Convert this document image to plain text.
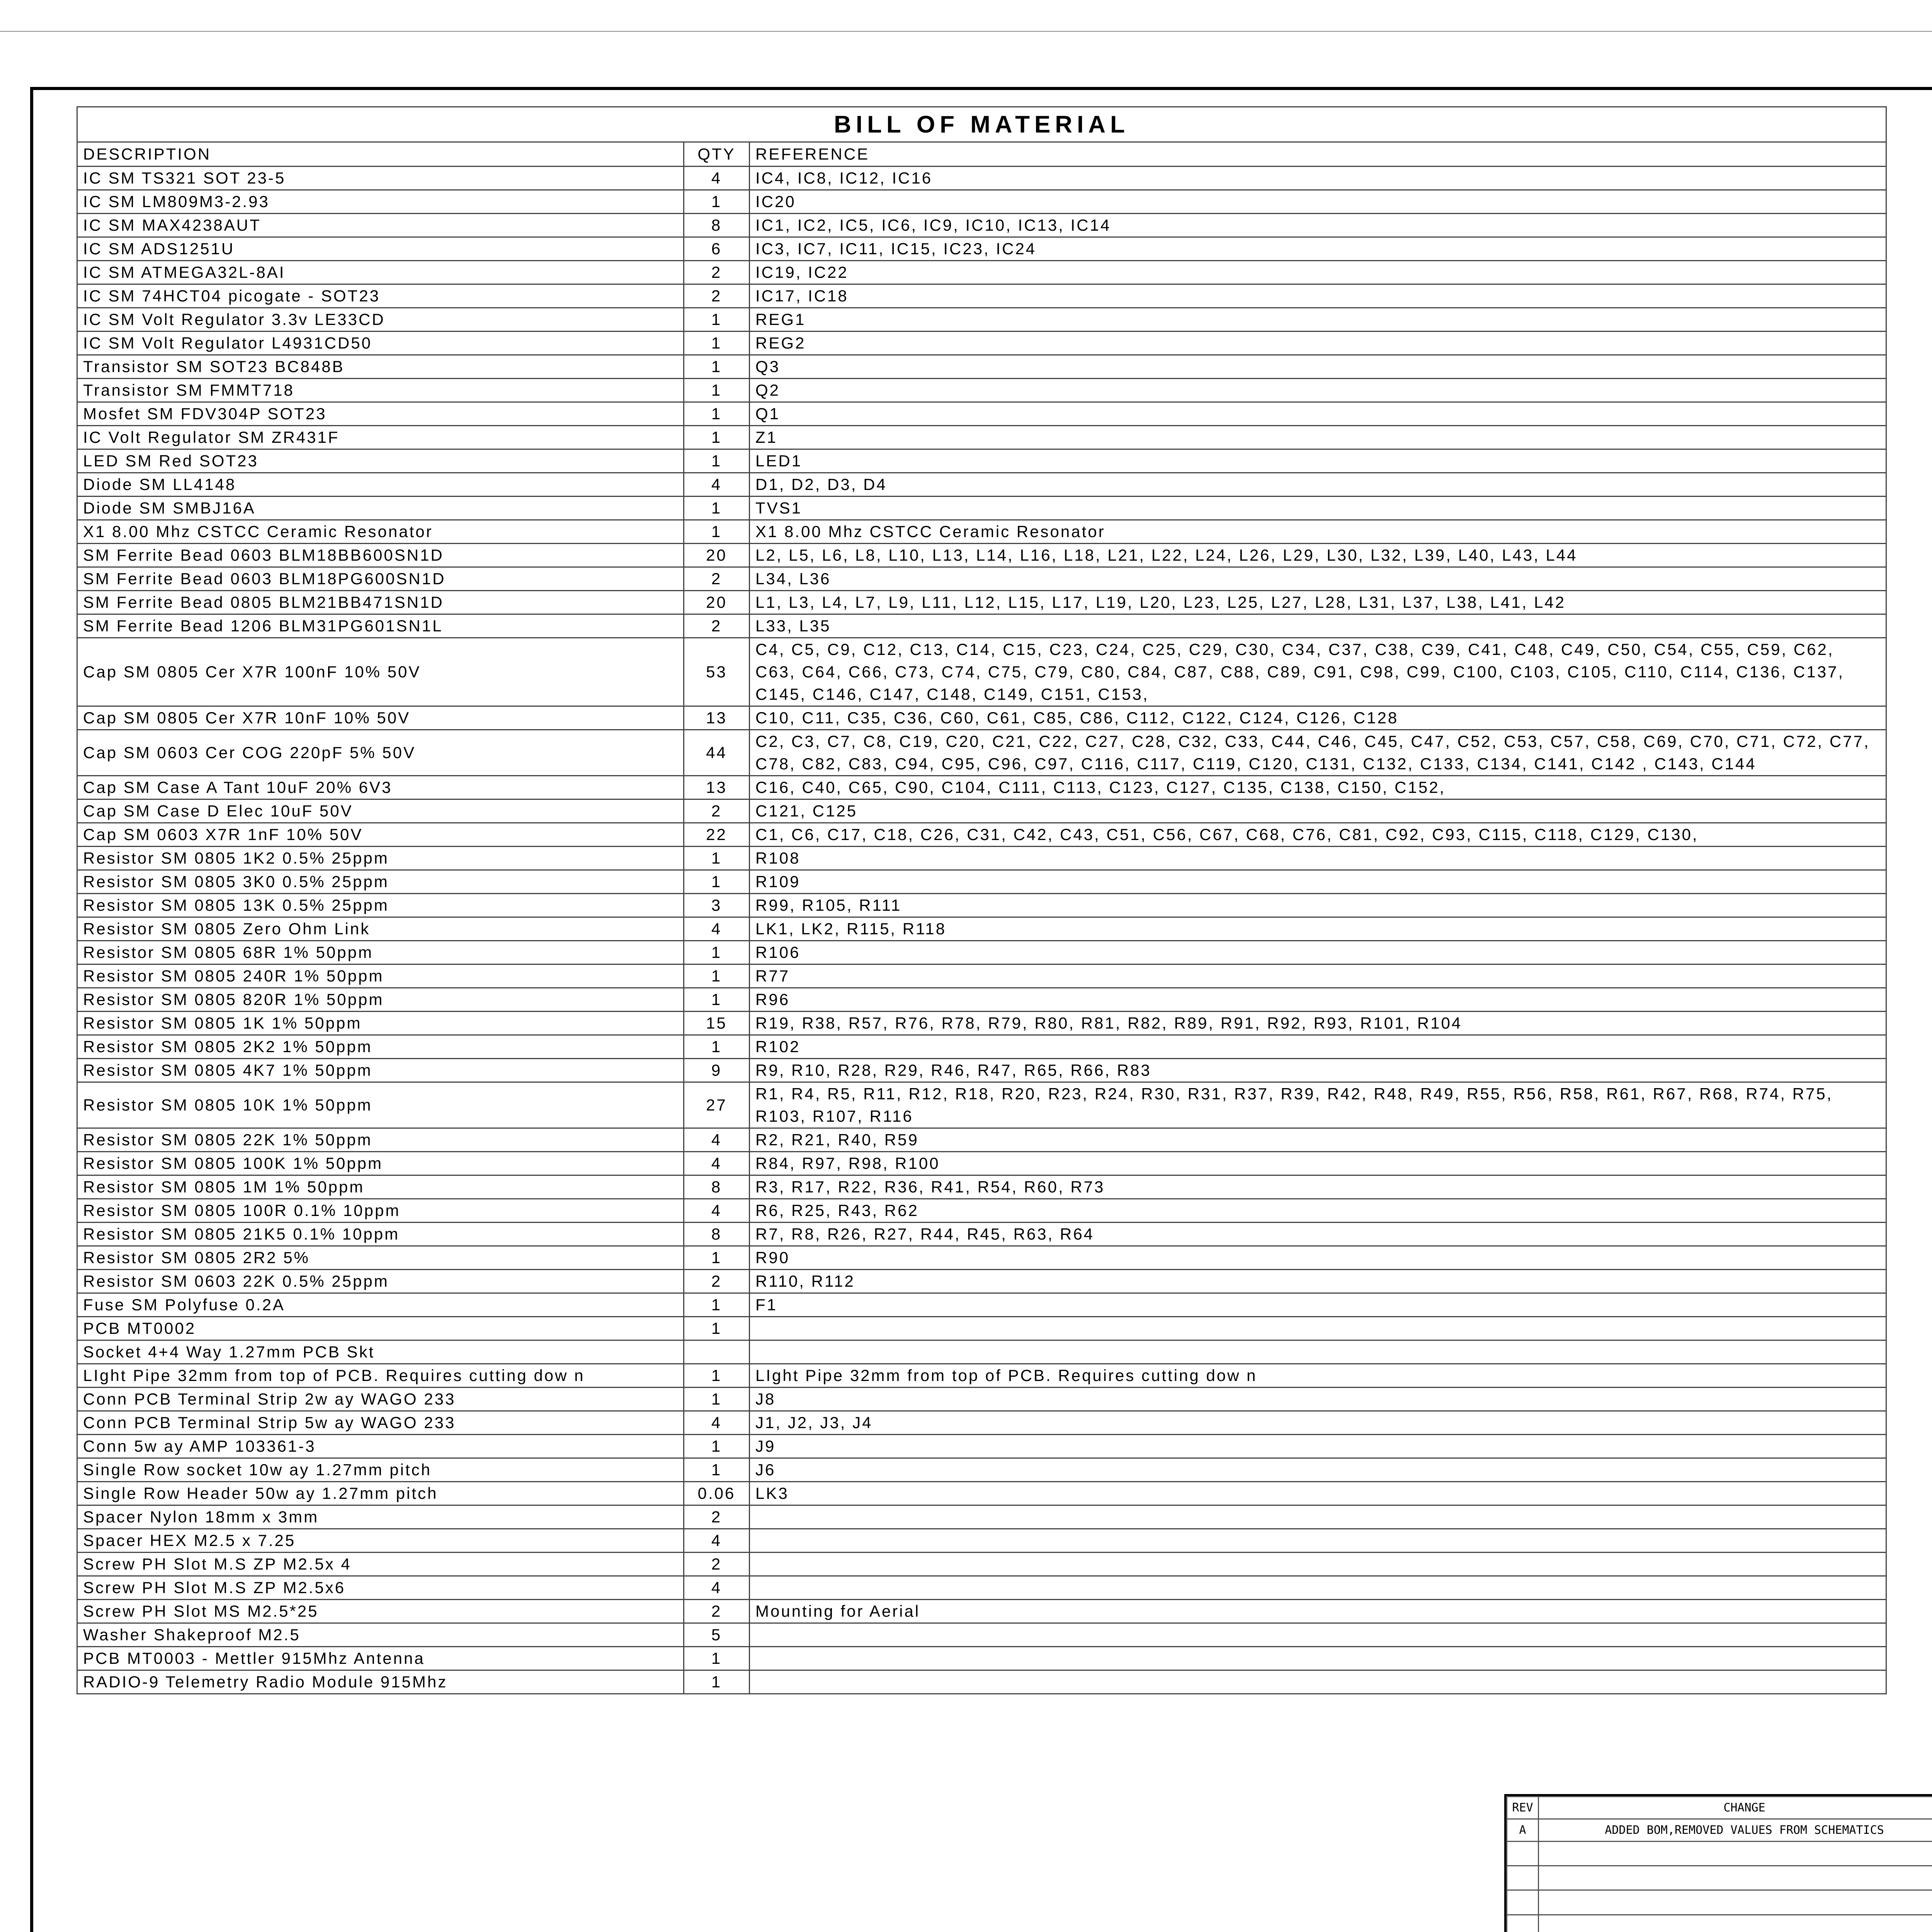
BILL OF MATERIAL		
DESCRIPTION	QTY	REFERENCE
IC SM TS321 SOT 23-5	4	IC4, IC8, IC12, IC16
IC SM LM809M3-2.93	1	IC20
IC SM MAX4238AUT	8	IC1, IC2, IC5, IC6, IC9, IC10, IC13, IC14
IC SM ADS1251U	6	IC3, IC7, IC11, IC15, IC23, IC24
IC SM ATMEGA32L-8AI	2	IC19, IC22
IC SM 74HCT04 picogate - SOT23	2	IC17, IC18
IC SM Volt Regulator 3.3v LE33CD	1	REG1
IC SM Volt Regulator L4931CD50	1	REG2
Transistor SM SOT23 BC848B	1	Q3
Transistor SM FMMT718	1	Q2
Mosfet SM FDV304P SOT23	1	Q1
IC Volt Regulator SM ZR431F	1	Z1
LED SM Red SOT23	1	LED1
Diode SM LL4148	4	D1, D2, D3, D4
Diode SM SMBJ16A	1	TVS1
X1 8.00 Mhz CSTCC Ceramic Resonator	1	X1 8.00 Mhz CSTCC Ceramic Resonator
SM Ferrite Bead 0603 BLM18BB600SN1D	20	L2, L5, L6, L8, L10, L13, L14, L16, L18, L21, L22, L24, L26, L29, L30, L32, L39, L40, L43, L44
SM Ferrite Bead 0603 BLM18PG600SN1D	2	L34, L36
SM Ferrite Bead 0805 BLM21BB471SN1D	20	L1, L3, L4, L7, L9, L11, L12, L15, L17, L19, L20, L23, L25, L27, L28, L31, L37, L38, L41, L42
SM Ferrite Bead 1206 BLM31PG601SN1L	2	L33, L35
Cap SM 0805 Cer X7R 100nF 10% 50V	53	C4, C5, C9, C12, C13, C14, C15, C23, C24, C25, C29, C30, C34, C37, C38, C39, C41, C48, C49, C50, C54, C55, C59, C62, C63, C64, C66, C73, C74, C75, C79, C80, C84, C87, C88, C89, C91, C98, C99, C100, C103, C105, C110, C114, C136, C137, C145, C146, C147, C148, C149, C151, C153,
Cap SM 0805 Cer X7R 10nF 10% 50V	13	C10, C11, C35, C36, C60, C61, C85, C86, C112, C122, C124, C126, C128
Cap SM 0603 Cer COG 220pF 5% 50V	44	C2, C3, C7, C8, C19, C20, C21, C22, C27, C28, C32, C33, C44, C46, C45, C47, C52, C53, C57, C58, C69, C70, C71, C72, C77, C78, C82, C83, C94, C95, C96, C97, C116, C117, C119, C120, C131, C132, C133, C134, C141, C142 , C143, C144
Cap SM Case A Tant 10uF 20% 6V3	13	C16, C40, C65, C90, C104, C111, C113, C123, C127, C135, C138, C150, C152,
Cap SM Case D Elec 10uF 50V	2	C121, C125
Cap SM 0603 X7R 1nF 10% 50V	22	C1, C6, C17, C18, C26, C31, C42, C43, C51, C56, C67, C68, C76, C81, C92, C93, C115, C118, C129, C130,
Resistor SM 0805 1K2 0.5% 25ppm	1	R108
Resistor SM 0805 3K0 0.5% 25ppm	1	R109
Resistor SM 0805 13K 0.5% 25ppm	3	R99, R105, R111
Resistor SM 0805 Zero Ohm Link	4	LK1, LK2, R115, R118
Resistor SM 0805 68R 1% 50ppm	1	R106
Resistor SM 0805 240R 1% 50ppm	1	R77
Resistor SM 0805 820R 1% 50ppm	1	R96
Resistor SM 0805 1K 1% 50ppm	15	R19, R38, R57, R76, R78, R79, R80, R81, R82, R89, R91, R92, R93, R101, R104
Resistor SM 0805 2K2 1% 50ppm	1	R102
Resistor SM 0805 4K7 1% 50ppm	9	R9, R10, R28, R29, R46, R47, R65, R66, R83
Resistor SM 0805 10K 1% 50ppm	27	R1, R4, R5, R11, R12, R18, R20, R23, R24, R30, R31, R37, R39, R42, R48, R49, R55, R56, R58, R61, R67, R68, R74, R75, R103, R107, R116
Resistor SM 0805 22K 1% 50ppm	4	R2, R21, R40, R59
Resistor SM 0805 100K 1% 50ppm	4	R84, R97, R98, R100
Resistor SM 0805 1M 1% 50ppm	8	R3, R17, R22, R36, R41, R54, R60, R73
Resistor SM 0805 100R 0.1% 10ppm	4	R6, R25, R43, R62
Resistor SM 0805 21K5 0.1% 10ppm	8	R7, R8, R26, R27, R44, R45, R63, R64
Resistor SM 0805 2R2 5%	1	R90
Resistor SM 0603 22K 0.5% 25ppm	2	R110, R112
Fuse SM Polyfuse 0.2A	1	F1
PCB MT0002	1	
Socket 4+4 Way 1.27mm PCB Skt		
LIght Pipe 32mm from top of PCB. Requires cutting dow n	1	LIght Pipe 32mm from top of PCB. Requires cutting dow n
Conn PCB Terminal Strip 2w ay WAGO 233	1	J8
Conn PCB Terminal Strip 5w ay WAGO 233	4	J1, J2, J3, J4
Conn 5w ay AMP 103361-3	1	J9
Single Row socket 10w ay 1.27mm pitch	1	J6
Single Row Header 50w ay 1.27mm pitch	0.06	LK3
Spacer Nylon 18mm x 3mm	2	
Spacer HEX M2.5 x 7.25	4	
Screw PH Slot M.S ZP M2.5x 4	2	
Screw PH Slot M.S ZP M2.5x6	4	
Screw PH Slot MS M2.5*25	2	Mounting for Aerial
Washer Shakeproof M2.5	5	
PCB MT0003 - Mettler 915Mhz Antenna	1	
RADIO-9 Telemetry Radio Module 915Mhz	1	
REV	CHANGE		
A	ADDED BOM,REMOVED VALUES FROM SCHEMATICS		
